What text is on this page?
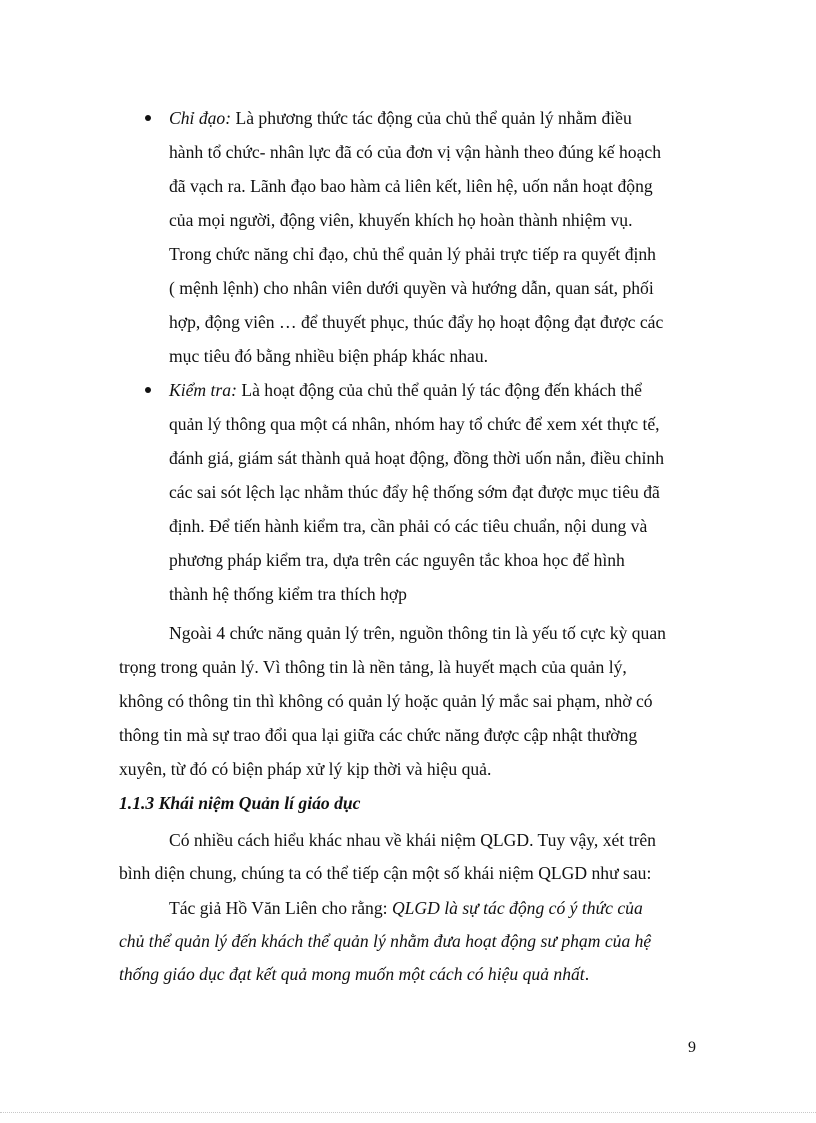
Chỉ đạo: Là phương thức tác động của chủ thể quản lý nhằm điều
hành tổ chức- nhân lực đã có của đơn vị vận hành theo đúng kế hoạch
đã vạch ra. Lãnh đạo bao hàm cả liên kết, liên hệ, uốn nắn hoạt động
của mọi người, động viên, khuyến khích họ hoàn thành nhiệm vụ.
Trong chức năng chỉ đạo, chủ thể quản lý phải trực tiếp ra quyết định
( mệnh lệnh) cho nhân viên dưới quyền và hướng dẫn, quan sát, phối
hợp, động viên … để thuyết phục, thúc đẩy họ hoạt động đạt được các
mục tiêu đó bằng nhiều biện pháp khác nhau.
Kiểm tra: Là hoạt động của chủ thể quản lý tác động đến khách thể
quản lý thông qua một cá nhân, nhóm hay tổ chức để xem xét thực tế,
đánh giá, giám sát thành quả hoạt động, đồng thời uốn nắn, điều chỉnh
các sai sót lệch lạc nhằm thúc đẩy hệ thống sớm đạt được mục tiêu đã
định. Để tiến hành kiểm tra, cần phải có các tiêu chuẩn, nội dung và
phương pháp kiểm tra, dựa trên các nguyên tắc khoa học để hình
thành hệ thống kiểm tra thích hợp
Ngoài 4 chức năng quản lý trên, nguồn thông tin là yếu tố cực kỳ quan
trọng trong quản lý. Vì thông tin là nền tảng, là huyết mạch của quản lý,
không có thông tin thì không có quản lý hoặc quản lý mắc sai phạm, nhờ có
thông tin mà sự trao đổi qua lại giữa các chức năng được cập nhật thường
xuyên, từ đó có biện pháp xử lý kịp thời và hiệu quả.
1.1.3 Khái niệm Quản lí giáo dục
Có nhiều cách hiểu khác nhau về khái niệm QLGD. Tuy vậy, xét trên
bình diện chung, chúng ta có thể tiếp cận một số khái niệm QLGD như sau:
Tác giả Hồ Văn Liên cho rằng: QLGD là sự tác động có ý thức của
chủ thể quản lý đến khách thể quản lý nhằm đưa hoạt động sư phạm của hệ
thống giáo dục đạt kết quả mong muốn một cách có hiệu quả nhất.
9
